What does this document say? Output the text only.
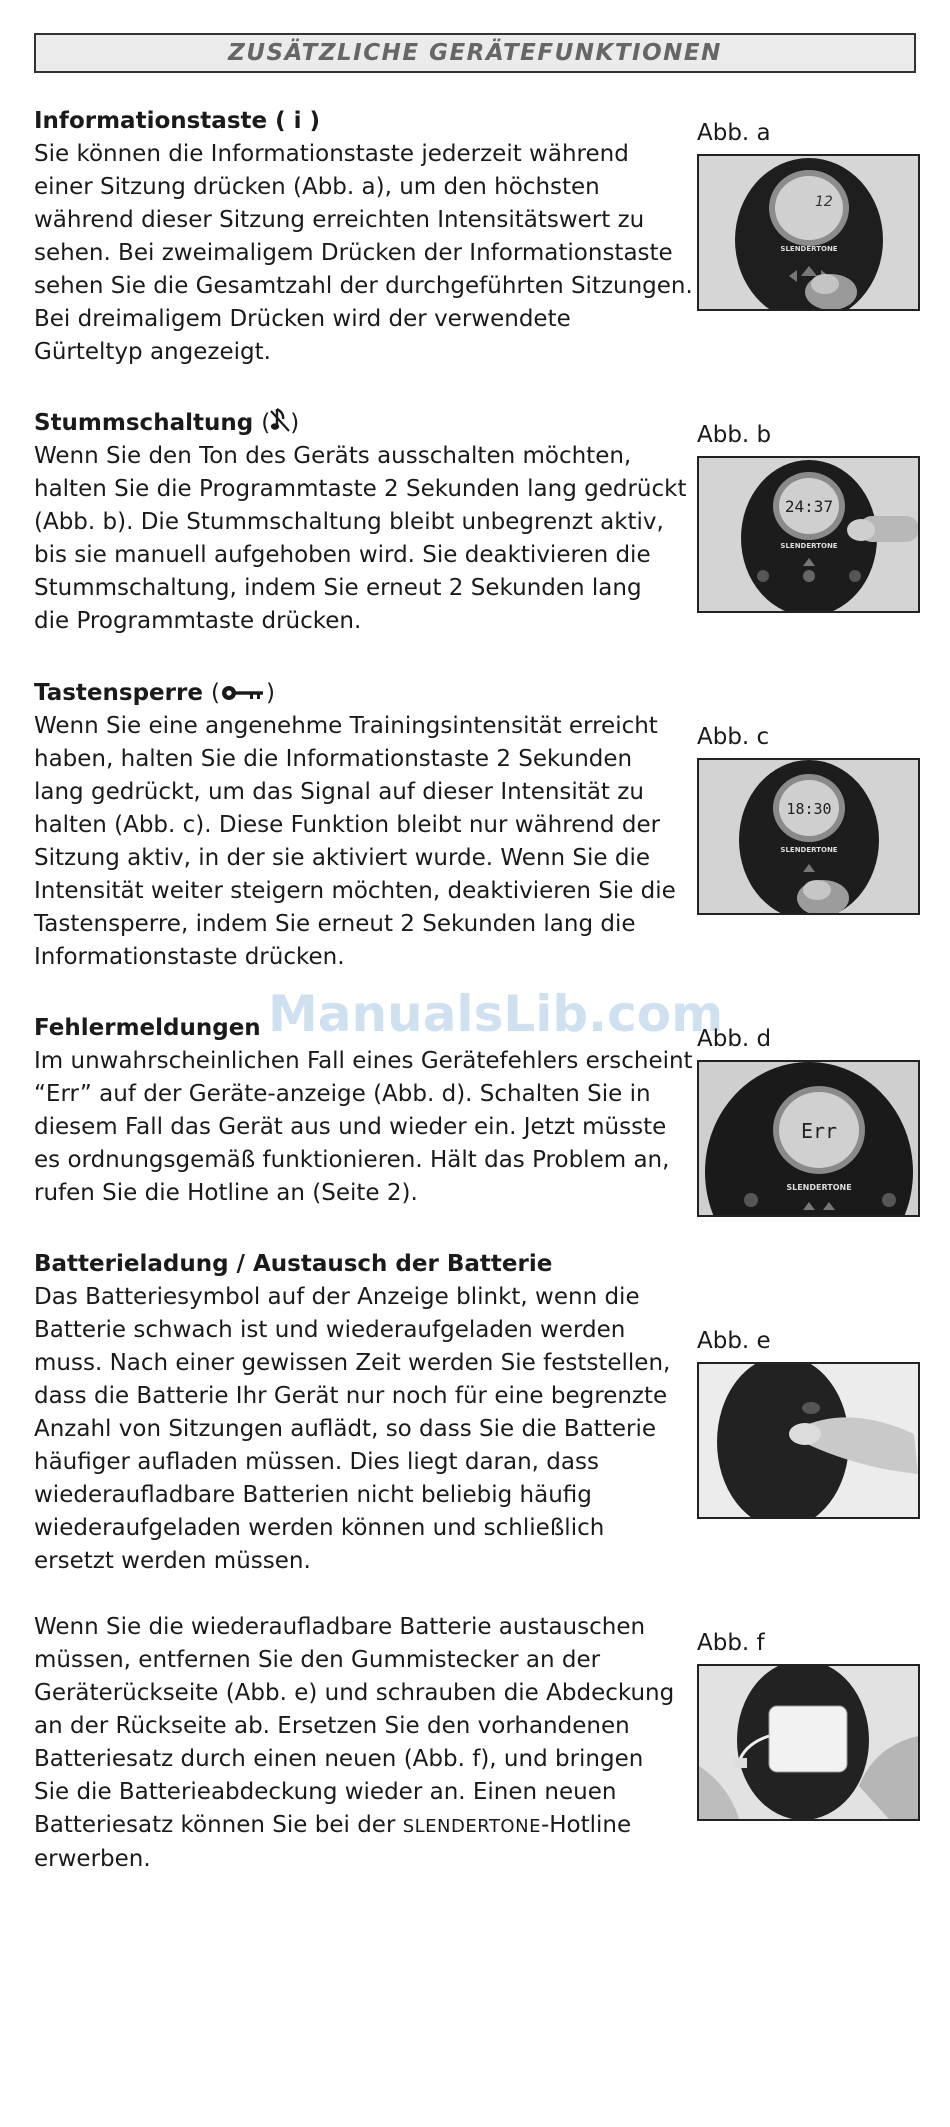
ZUSÄTZLICHE GERÄTEFUNKTIONEN

Informationstaste ( i )

Sie können die Informationstaste jederzeit während

einer Sitzung drücken (Abb. a), um den höchsten

während dieser Sitzung erreichten Intensitätswert zu

sehen. Bei zweimaligem Drücken der Informationstaste

sehen Sie die Gesamtzahl der durchgeführten Sitzungen.

Bei dreimaligem Drücken wird der verwendete

Gürteltyp angezeigt.

Stummschaltung ( )

Wenn Sie den Ton des Geräts ausschalten möchten,

halten Sie die Programmtaste 2 Sekunden lang gedrückt

(Abb. b). Die Stummschaltung bleibt unbegrenzt aktiv,

bis sie manuell aufgehoben wird. Sie deaktivieren die

Stummschaltung, indem Sie erneut 2 Sekunden lang

die Programmtaste drücken.

Tastensperre ( )

Wenn Sie eine angenehme Trainingsintensität erreicht

haben, halten Sie die Informationstaste 2 Sekunden

lang gedrückt, um das Signal auf dieser Intensität zu

halten (Abb. c). Diese Funktion bleibt nur während der

Sitzung aktiv, in der sie aktiviert wurde. Wenn Sie die

Intensität weiter steigern möchten, deaktivieren Sie die

Tastensperre, indem Sie erneut 2 Sekunden lang die

Informationstaste drücken.

Fehlermeldungen

Im unwahrscheinlichen Fall eines Gerätefehlers erscheint

“Err” auf der Geräte-anzeige (Abb. d). Schalten Sie in

diesem Fall das Gerät aus und wieder ein. Jetzt müsste

es ordnungsgemäß funktionieren. Hält das Problem an,

rufen Sie die Hotline an (Seite 2).

Batterieladung / Austausch der Batterie

Das Batteriesymbol auf der Anzeige blinkt, wenn die

Batterie schwach ist und wiederaufgeladen werden

muss. Nach einer gewissen Zeit werden Sie feststellen,

dass die Batterie Ihr Gerät nur noch für eine begrenzte

Anzahl von Sitzungen auflädt, so dass Sie die Batterie

häufiger aufladen müssen. Dies liegt daran, dass

wiederaufladbare Batterien nicht beliebig häufig

wiederaufgeladen werden können und schließlich

ersetzt werden müssen.

Wenn Sie die wiederaufladbare Batterie austauschen

müssen, entfernen Sie den Gummistecker an der

Geräterückseite (Abb. e) und schrauben die Abdeckung

an der Rückseite ab. Ersetzen Sie den vorhandenen

Batteriesatz durch einen neuen (Abb. f), und bringen

Sie die Batterieabdeckung wieder an. Einen neuen

Batteriesatz können Sie bei der SLENDERTONE-Hotline

erwerben.

ManualsLib.com
Abb. a
12
SLENDERTONE
Abb. b
24:37
SLENDERTONE
Abb. c
18:30
SLENDERTONE
Abb. d
Err
SLENDERTONE
Abb. e
Abb. f
